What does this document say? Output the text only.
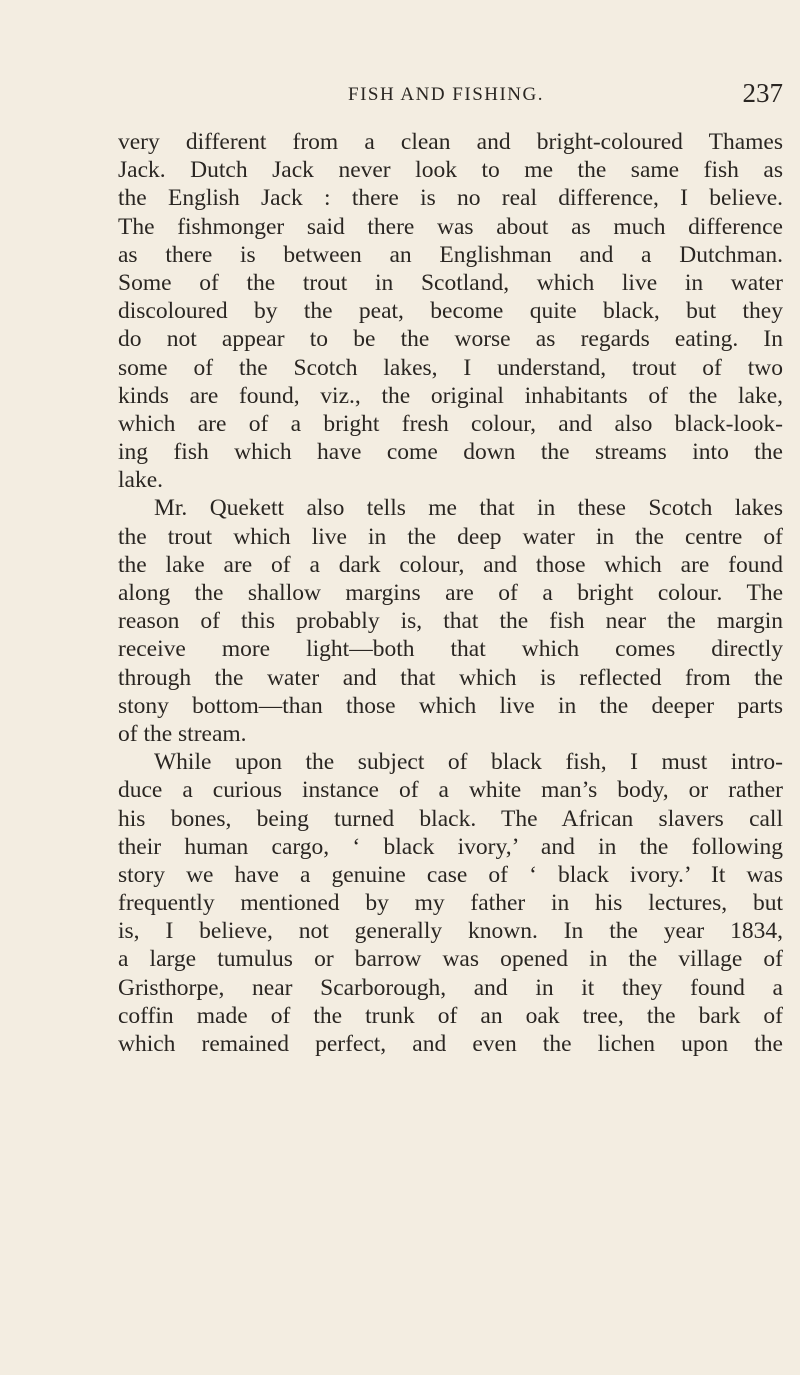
FISH AND FISHING.	237
very different from a clean and bright-coloured Thames
Jack. Dutch Jack never look to me the same fish as
the English Jack : there is no real difference, I believe.
The fishmonger said there was about as much difference
as there is between an Englishman and a Dutchman.
Some of the trout in Scotland, which live in water
discoloured by the peat, become quite black, but they
do not appear to be the worse as regards eating. In
some of the Scotch lakes, I understand, trout of two
kinds are found, viz., the original inhabitants of the lake,
which are of a bright fresh colour, and also black-look-
ing fish which have come down the streams into the
lake.
Mr. Quekett also tells me that in these Scotch lakes
the trout which live in the deep water in the centre of
the lake are of a dark colour, and those which are found
along the shallow margins are of a bright colour. The
reason of this probably is, that the fish near the margin
receive more light—both that which comes directly
through the water and that which is reflected from the
stony bottom—than those which live in the deeper parts
of the stream.
While upon the subject of black fish, I must intro-
duce a curious instance of a white man’s body, or rather
his bones, being turned black. The African slavers call
their human cargo, ‘ black ivory,’ and in the following
story we have a genuine case of ‘ black ivory.’ It was
frequently mentioned by my father in his lectures, but
is, I believe, not generally known. In the year 1834,
a large tumulus or barrow was opened in the village of
Gristhorpe, near Scarborough, and in it they found a
coffin made of the trunk of an oak tree, the bark of
which remained perfect, and even the lichen upon the
